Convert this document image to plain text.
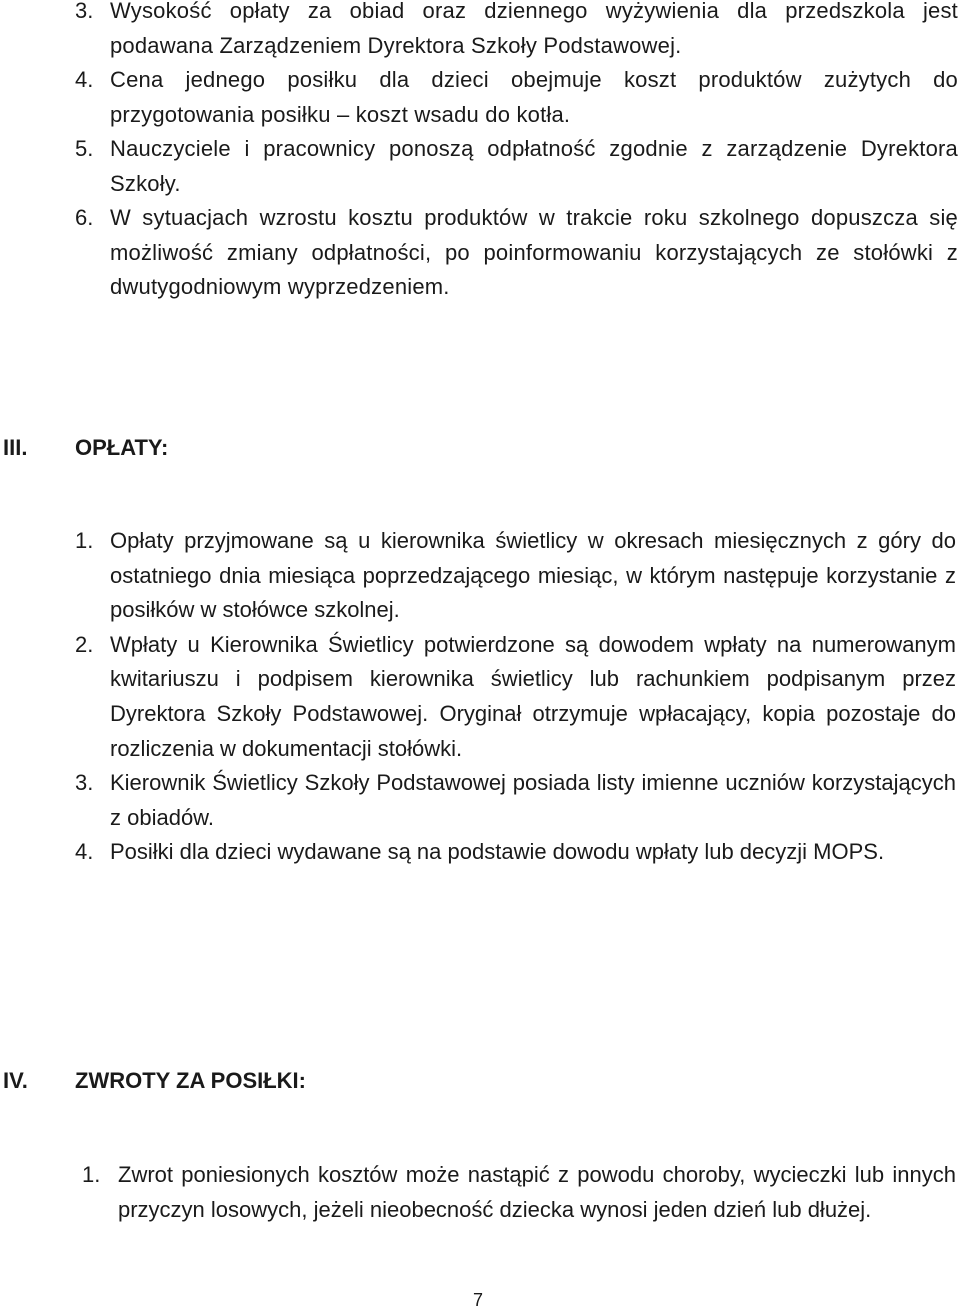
3. Wysokość opłaty za obiad oraz dziennego wyżywienia dla przedszkola jest podawana Zarządzeniem Dyrektora Szkoły Podstawowej.
4. Cena jednego posiłku dla dzieci obejmuje koszt produktów zużytych do przygotowania posiłku – koszt wsadu do kotła.
5. Nauczyciele i pracownicy ponoszą odpłatność zgodnie z zarządzenie Dyrektora Szkoły.
6. W sytuacjach wzrostu kosztu produktów w trakcie roku szkolnego dopuszcza się możliwość zmiany odpłatności, po poinformowaniu korzystających ze stołówki z dwutygodniowym wyprzedzeniem.
III. OPŁATY:
1. Opłaty przyjmowane są u kierownika świetlicy w okresach miesięcznych z góry do ostatniego dnia miesiąca poprzedzającego miesiąc, w którym następuje korzystanie z posiłków w stołówce szkolnej.
2. Wpłaty u Kierownika Świetlicy potwierdzone są dowodem wpłaty na numerowanym kwitariuszu i podpisem kierownika świetlicy lub rachunkiem podpisanym przez Dyrektora Szkoły Podstawowej. Oryginał otrzymuje wpłacający, kopia pozostaje do rozliczenia w dokumentacji stołówki.
3. Kierownik Świetlicy Szkoły Podstawowej posiada listy imienne uczniów korzystających z obiadów.
4. Posiłki dla dzieci wydawane są na podstawie dowodu wpłaty lub decyzji MOPS.
IV. ZWROTY ZA POSIŁKI:
1. Zwrot poniesionych kosztów może nastąpić z powodu choroby, wycieczki lub innych przyczyn losowych, jeżeli nieobecność dziecka wynosi jeden dzień lub dłużej.
7
